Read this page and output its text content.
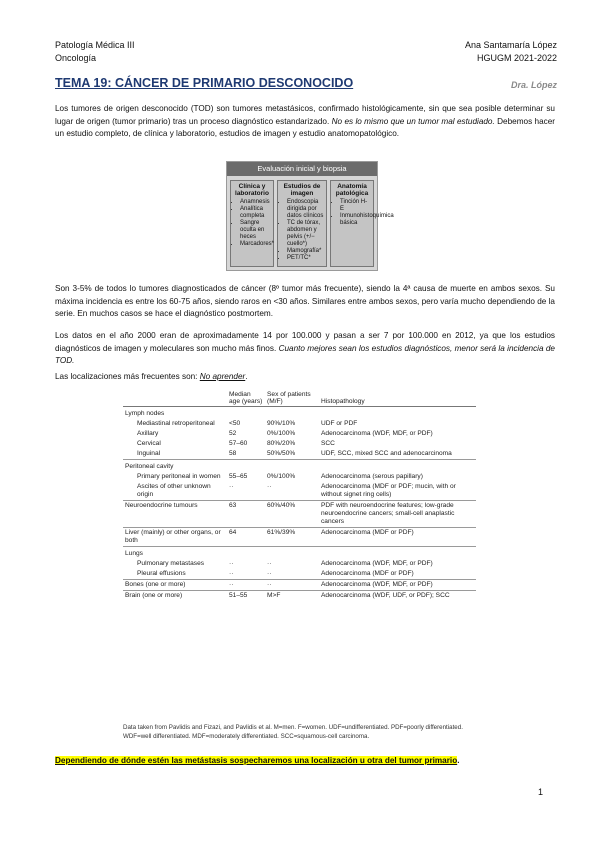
Patología Médica III
Oncología
Ana Santamaría López
HGUGM 2021-2022
TEMA 19: CÁNCER DE PRIMARIO DESCONOCIDO	Dra. López
Los tumores de origen desconocido (TOD) son tumores metastásicos, confirmado histológicamente, sin que sea posible determinar su lugar de origen (tumor primario) tras un proceso diagnóstico estandarizado. No es lo mismo que un tumor mal estudiado. Debemos hacer un estudio completo, de clínica y laboratorio, estudios de imagen y estudio anatomopatológico.
Evaluación inicial y biopsia
Clínica y laboratorio
• Anamnesis
• Analítica completa
• Sangre oculta en heces
• Marcadores*
Estudios de imagen
• Endoscopia dirigida por datos clínicos
• TC de tórax, abdomen y pelvis (+/− cuello*)
• Mamografía*
• PET/TC*
Anatomía patológica
• Tinción H-E
• Inmunohistoquímica básica
Son 3-5% de todos lo tumores diagnosticados de cáncer (8º tumor más frecuente), siendo la 4ª causa de muerte en ambos sexos. Su máxima incidencia es entre los 60-75 años, siendo raros en <30 años. Similares entre ambos sexos, pero varía mucho dependiendo de la serie. En muchos casos se hace el diagnóstico postmortem.
Los datos en el año 2000 eran de aproximadamente 14 por 100.000 y pasan a ser 7 por 100.000 en 2012, ya que los estudios diagnósticos de imagen y moleculares son mucho más finos. Cuanto mejores sean los estudios diagnósticos, menor será la incidencia de TOD.
Las localizaciones más frecuentes son: No aprender.
	Median age (years)	Sex of patients (M/F)	Histopathology
Lymph nodes			
Mediastinal retroperitoneal	<50	90%/10%	UDF or PDF
Axillary	52	0%/100%	Adenocarcinoma (WDF, MDF, or PDF)
Cervical	57–60	80%/20%	SCC
Inguinal	58	50%/50%	UDF, SCC, mixed SCC and adenocarcinoma
Peritoneal cavity			
Primary peritoneal in women	55–65	0%/100%	Adenocarcinoma (serous papillary)
Ascites of other unknown origin	··	··	Adenocarcinoma (MDF or PDF; mucin, with or without signet ring cells)
Neuroendocrine tumours	63	60%/40%	PDF with neuroendocrine features; low-grade neuroendocrine cancers; small-cell anaplastic cancers
Liver (mainly) or other organs, or both	64	61%/39%	Adenocarcinoma (MDF or PDF)
Lungs			
Pulmonary metastases	··	··	Adenocarcinoma (WDF, MDF, or PDF)
Pleural effusions	··	··	Adenocarcinoma (MDF or PDF)
Bones (one or more)	··	··	Adenocarcinoma (WDF, MDF, or PDF)
Brain (one or more)	51–55	M>F	Adenocarcinoma (WDF, UDF, or PDF); SCC
Data taken from Pavlidis and Fizazi, and Pavlidis et al. M=men. F=women. UDF=undifferentiated. PDF=poorly differentiated. WDF=well differentiated. MDF=moderately differentiated. SCC=squamous-cell carcinoma.
Dependiendo de dónde estén las metástasis sospecharemos una localización u otra del tumor primario.
1
